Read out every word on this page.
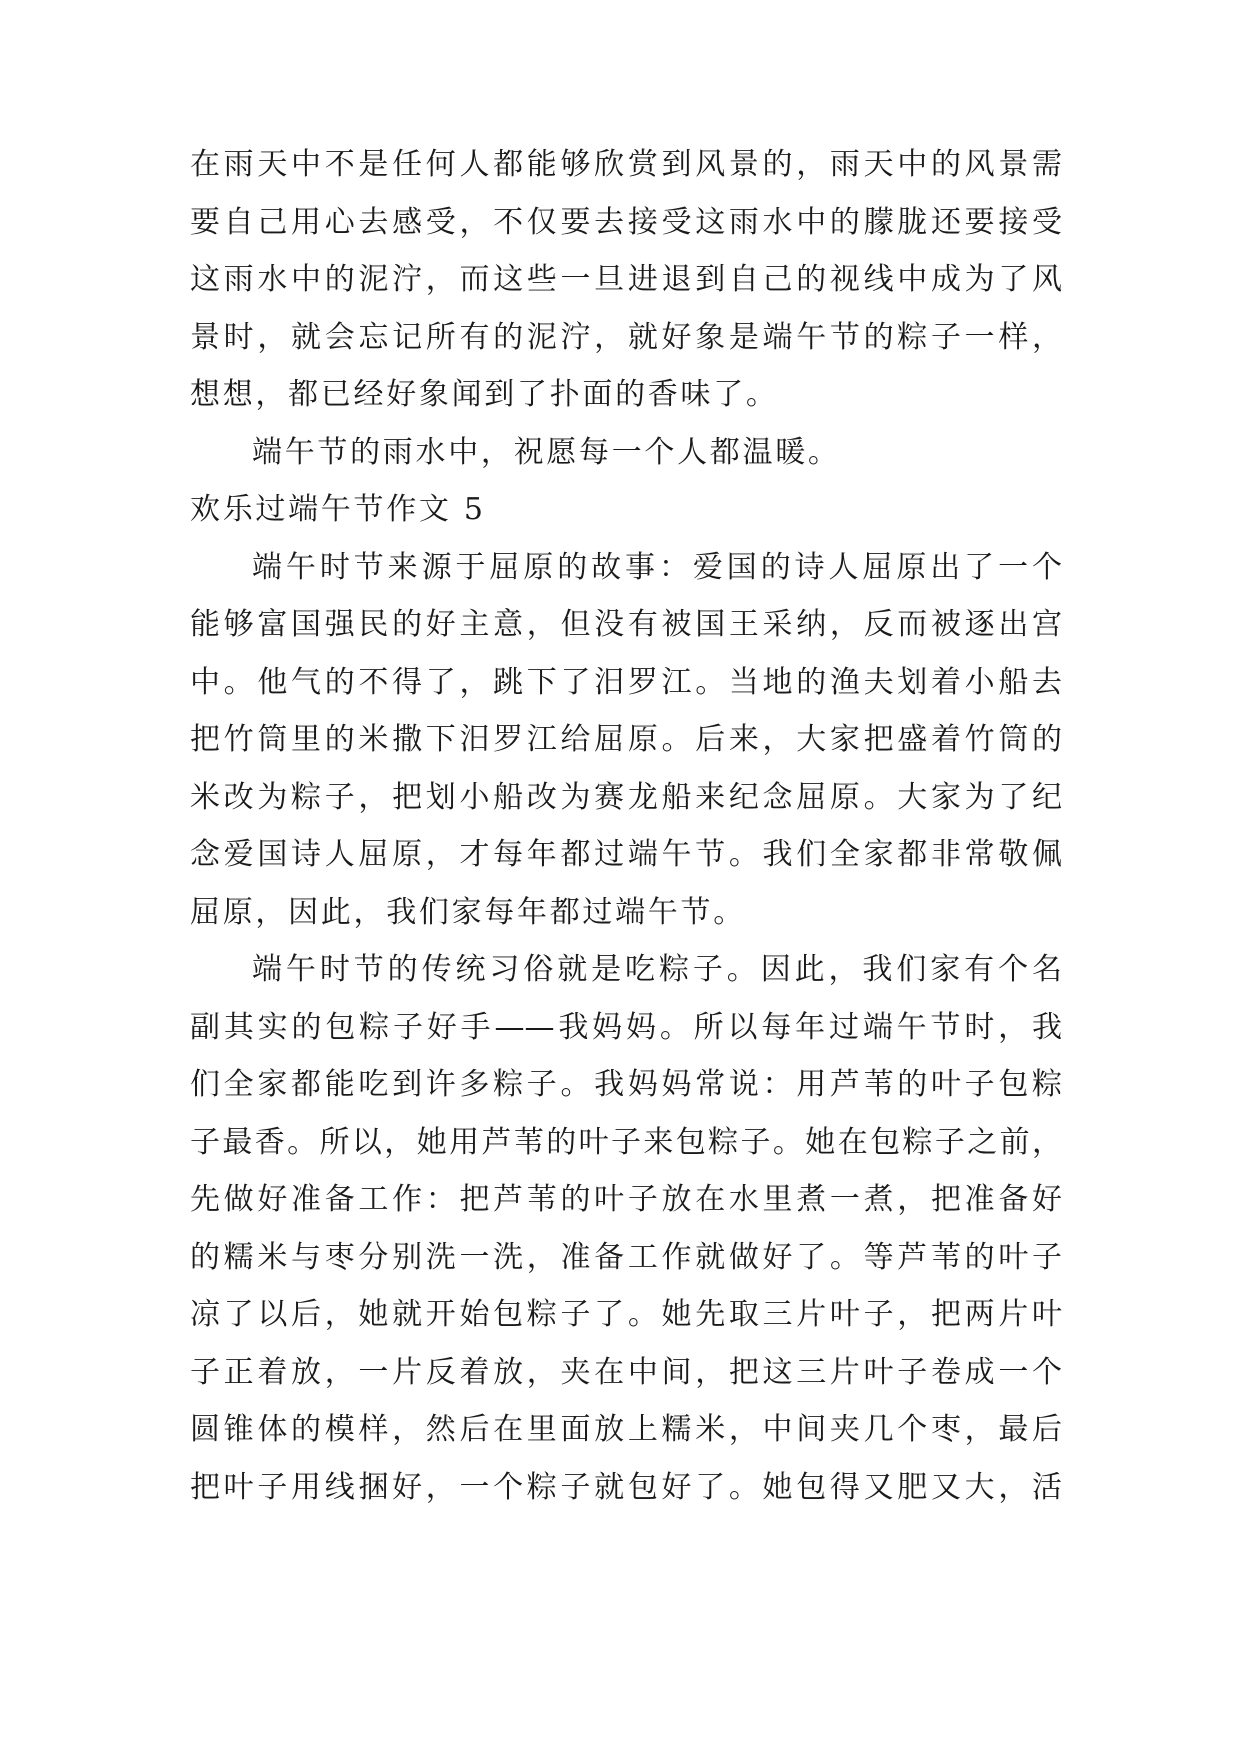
在雨天中不是任何人都能够欣赏到风景的，雨天中的风景需
要自己用心去感受，不仅要去接受这雨水中的朦胧还要接受
这雨水中的泥泞，而这些一旦进退到自己的视线中成为了风
景时，就会忘记所有的泥泞，就好象是端午节的粽子一样，
想想，都已经好象闻到了扑面的香味了。
端午节的雨水中，祝愿每一个人都温暖。
欢乐过端午节作文 5
端午时节来源于屈原的故事：爱国的诗人屈原出了一个
能够富国强民的好主意，但没有被国王采纳，反而被逐出宫
中。他气的不得了，跳下了汨罗江。当地的渔夫划着小船去
把竹筒里的米撒下汨罗江给屈原。后来，大家把盛着竹筒的
米改为粽子，把划小船改为赛龙船来纪念屈原。大家为了纪
念爱国诗人屈原，才每年都过端午节。我们全家都非常敬佩
屈原，因此，我们家每年都过端午节。
端午时节的传统习俗就是吃粽子。因此，我们家有个名
副其实的包粽子好手——我妈妈。所以每年过端午节时，我
们全家都能吃到许多粽子。我妈妈常说：用芦苇的叶子包粽
子最香。所以，她用芦苇的叶子来包粽子。她在包粽子之前，
先做好准备工作：把芦苇的叶子放在水里煮一煮，把准备好
的糯米与枣分别洗一洗，准备工作就做好了。等芦苇的叶子
凉了以后，她就开始包粽子了。她先取三片叶子，把两片叶
子正着放，一片反着放，夹在中间，把这三片叶子卷成一个
圆锥体的模样，然后在里面放上糯米，中间夹几个枣，最后
把叶子用线捆好，一个粽子就包好了。她包得又肥又大，活
